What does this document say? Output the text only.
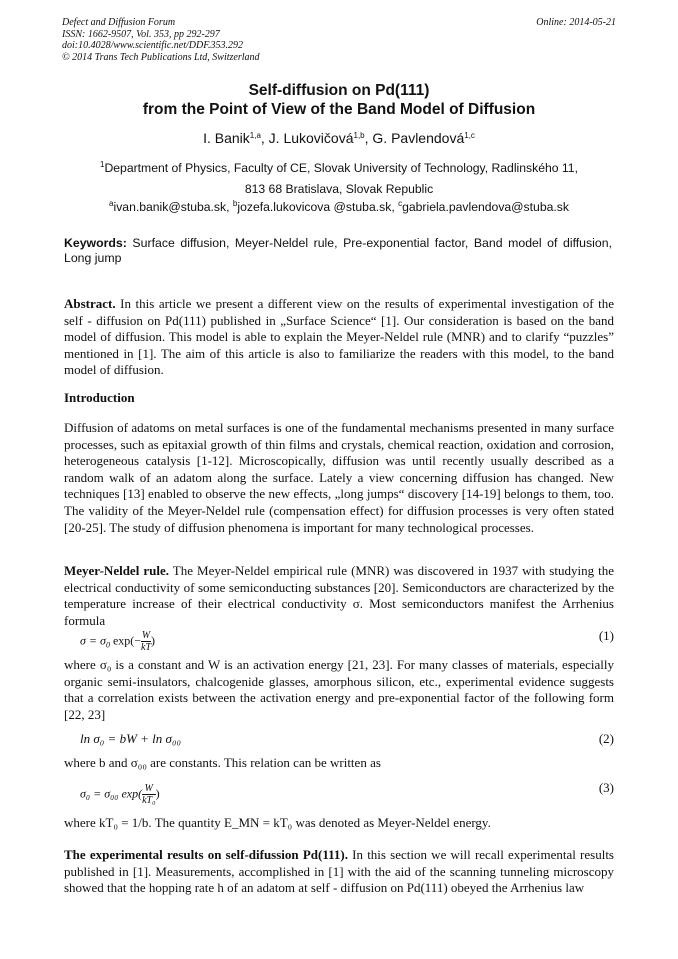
Defect and Diffusion Forum
ISSN: 1662-9507, Vol. 353, pp 292-297
doi:10.4028/www.scientific.net/DDF.353.292
© 2014 Trans Tech Publications Ltd, Switzerland
Online: 2014-05-21
Self-diffusion on Pd(111)
from the Point of View of the Band Model of Diffusion
I. Banik$^{1,a}$, J. Lukovičová$^{1,b}$, G. Pavlendová$^{1,c}$
$^1$Department of Physics, Faculty of CE, Slovak University of Technology, Radlinského 11,
813 68 Bratislava, Slovak Republic
$^a$ivan.banik@stuba.sk, $^b$jozefa.lukovicova @stuba.sk, $^c$gabriela.pavlendova@stuba.sk
Keywords: Surface diffusion, Meyer-Neldel rule, Pre-exponential factor, Band model of diffusion, Long jump
Abstract. In this article we present a different view on the results of experimental investigation of the self - diffusion on Pd(111) published in „Surface Science“ [1]. Our consideration is based on the band model of diffusion. This model is able to explain the Meyer-Neldel rule (MNR) and to clarify “puzzles” mentioned in [1]. The aim of this article is also to familiarize the readers with this model, to the band model of diffusion.
Introduction
Diffusion of adatoms on metal surfaces is one of the fundamental mechanisms presented in many surface processes, such as epitaxial growth of thin films and crystals, chemical reaction, oxidation and corrosion, heterogeneous catalysis [1-12]. Microscopically, diffusion was until recently usually described as a random walk of an adatom along the surface. Lately a view concerning diffusion has changed. New techniques [13] enabled to observe the new effects, „long jumps“ discovery [14-19] belongs to them, too. The validity of the Meyer-Neldel rule (compensation effect) for diffusion processes is very often stated [20-25]. The study of diffusion phenomena is important for many technological processes.
Meyer-Neldel rule. The Meyer-Neldel empirical rule (MNR) was discovered in 1937 with studying the electrical conductivity of some semiconducting substances [20]. Semiconductors are characterized by the temperature increase of their electrical conductivity σ. Most semiconductors manifest the Arrhenius formula
$\sigma = \sigma_0$ $\exp(- \frac{W}{kT}$ )	(1)
where σ₀ is a constant and W is an activation energy [21, 23]. For many classes of materials, especially organic semi-insulators, chalcogenide glasses, amorphous silicon, etc., experimental evidence suggests that a correlation exists between the activation energy and pre-exponential factor of the following form [22, 23]
ln σ₀ = bW + ln σ₀₀	(2)
where b and σ₀₀ are constants. This relation can be written as
σ₀ = σ₀₀ $\exp( \frac{W}{\text{kT₀}}$ )	(3)
where kT₀ = 1/b. The quantity E_MN = kT₀ was denoted as Meyer-Neldel energy.
The experimental results on self-difussion Pd(111). In this section we will recall experimental results published in [1]. Measurements, accomplished in [1] with the aid of the scanning tunneling microscopy showed that the hopping rate h of an adatom at self - diffusion on Pd(111) obeyed the Arrhenius law
